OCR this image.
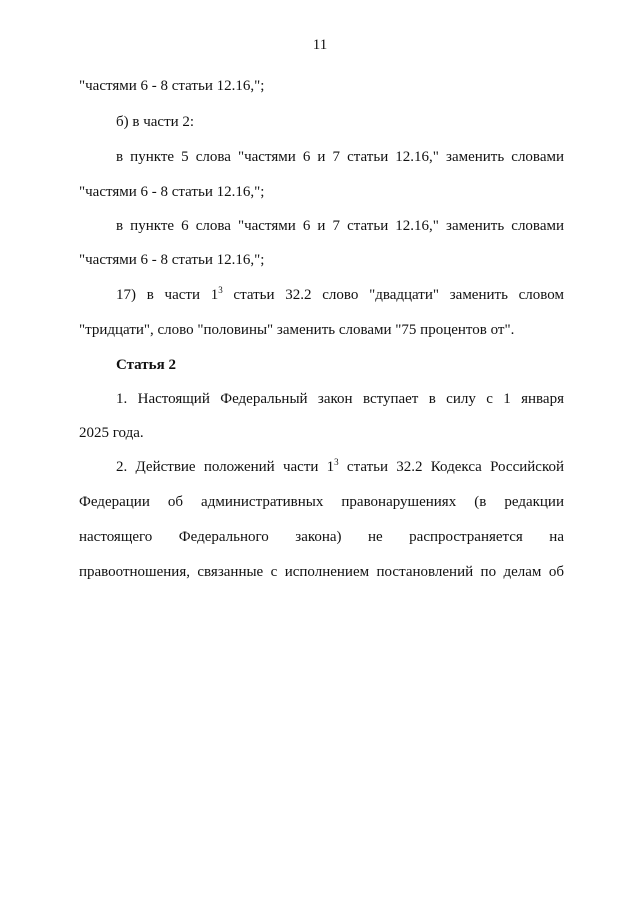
11
"частями 6 - 8 статьи 12.16,";
б) в части 2:
в пункте 5 слова "частями 6 и 7 статьи 12.16," заменить словами
"частями 6 - 8 статьи 12.16,";
в пункте 6 слова "частями 6 и 7 статьи 12.16," заменить словами
"частями 6 - 8 статьи 12.16,";
17) в части $1^3$ статьи 32.2 слово "двадцати" заменить словом
"тридцати", слово "половины" заменить словами "75 процентов от".
Статья 2
1. Настоящий Федеральный закон вступает в силу с 1 января
2025 года.
2. Действие положений части $1^3$ статьи 32.2 Кодекса Российской
Федерации об административных правонарушениях (в редакции
настоящего Федерального закона) не распространяется на
правоотношения, связанные с исполнением постановлений по делам об
